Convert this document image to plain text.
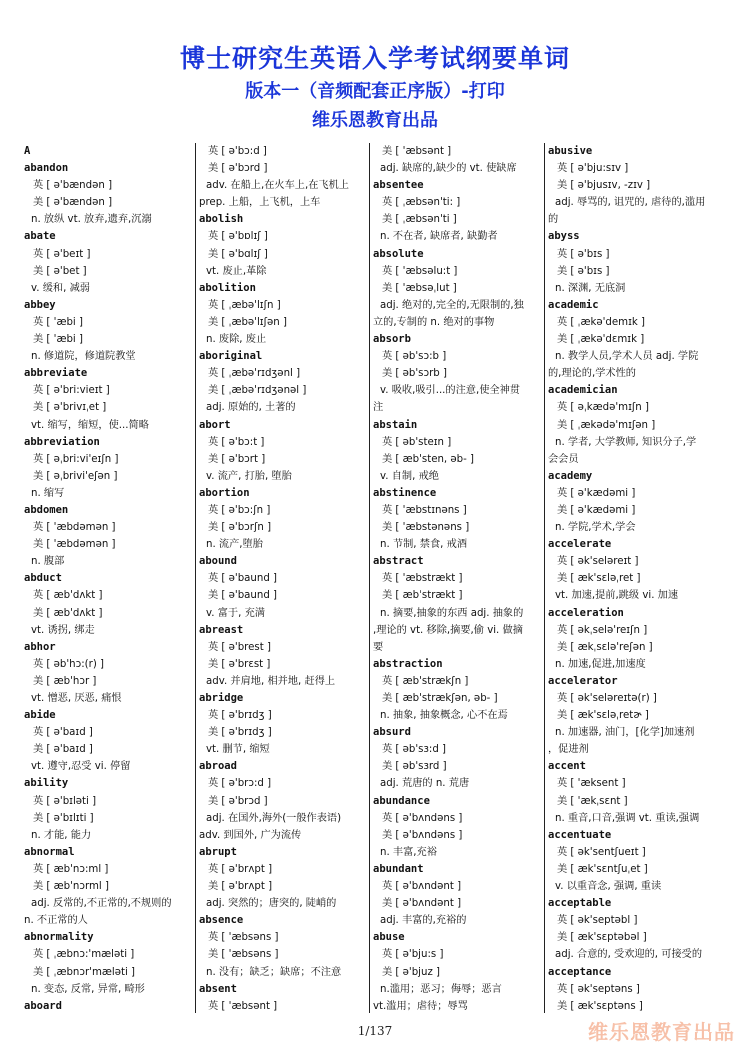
博士研究生英语入学考试纲要单词
版本一（音频配套正序版）-打印
维乐恩教育出品
A
abandon
英 [ ə'bændən ]
美 [ ə'bændən ]
n. 放纵 vt. 放弃,遗弃,沉溺
abate
英 [ ə'beɪt ]
美 [ ə'bet ]
v. 缓和, 减弱
abbey
英 [ 'æbi ]
美 [ 'æbi ]
n. 修道院，修道院教堂
abbreviate
英 [ ə'bri:vieɪt ]
美 [ ə'brivɪˌet ]
vt. 缩写，缩短，使...简略
abbreviation
英 [ əˌbri:vi'eɪʃn ]
美 [ əˌbrivi'eʃən ]
n. 缩写
abdomen
英 [ 'æbdəmən ]
美 [ 'æbdəmən ]
n. 腹部
abduct
英 [ æb'dʌkt ]
美 [ æb'dʌkt ]
vt. 诱拐, 绑走
abhor
英 [ əb'hɔ:(r) ]
美 [ æb'hɔr ]
vt. 憎恶, 厌恶, 痛恨
abide
英 [ ə'baɪd ]
美 [ ə'baɪd ]
vt. 遵守,忍受 vi. 停留
ability
英 [ ə'bɪləti ]
美 [ ə'bɪlɪti ]
n. 才能, 能力
abnormal
英 [ æb'nɔ:ml ]
美 [ æb'nɔrml ]
adj. 反常的,不正常的,不规则的
n. 不正常的人
abnormality
英 [ ˌæbnɔ:'mæləti ]
美 [ ˌæbnɔr'mæləti ]
n. 变态, 反常, 异常, 畸形
aboard
英 [ ə'bɔ:d ]
美 [ ə'bɔrd ]
adv. 在船上,在火车上,在飞机上
prep. 上船，上飞机，上车
abolish
英 [ ə'bɒlɪʃ ]
美 [ ə'bɑlɪʃ ]
vt. 废止,革除
abolition
英 [ ˌæbə'lɪʃn ]
美 [ ˌæbə'lɪʃən ]
n. 废除, 废止
aboriginal
英 [ ˌæbə'rɪdʒənl ]
美 [ ˌæbə'rɪdʒənəl ]
adj. 原始的, 土著的
abort
英 [ ə'bɔ:t ]
美 [ ə'bɔrt ]
v. 流产, 打胎, 堕胎
abortion
英 [ ə'bɔ:ʃn ]
美 [ ə'bɔrʃn ]
n. 流产,堕胎
abound
英 [ ə'baund ]
美 [ ə'baund ]
v. 富于, 充满
abreast
英 [ ə'brest ]
美 [ ə'brɛst ]
adv. 并肩地, 相并地, 赶得上
abridge
英 [ ə'brɪdʒ ]
美 [ ə'brɪdʒ ]
vt. 删节, 缩短
abroad
英 [ ə'brɔ:d ]
美 [ ə'brɔd ]
adj. 在国外,海外(一般作表语)
adv. 到国外, 广为流传
abrupt
英 [ ə'brʌpt ]
美 [ ə'brʌpt ]
adj. 突然的；唐突的, 陡峭的
absence
英 [ 'æbsəns ]
美 [ 'æbsəns ]
n. 没有；缺乏；缺席；不注意
absent
英 [ 'æbsənt ]
美 [ 'æbsənt ]
adj. 缺席的,缺少的 vt. 使缺席
absentee
英 [ ˌæbsən'ti: ]
美 [ ˌæbsən'ti ]
n. 不在者, 缺席者, 缺勤者
absolute
英 [ 'æbsəlu:t ]
美 [ 'æbsəˌlut ]
adj. 绝对的,完全的,无限制的,独
立的,专制的 n. 绝对的事物
absorb
英 [ əb'sɔ:b ]
美 [ əb'sɔrb ]
v. 吸收,吸引...的注意,使全神贯
注
abstain
英 [ əb'steɪn ]
美 [ æb'sten, əb- ]
v. 自制, 戒绝
abstinence
英 [ 'æbstɪnəns ]
美 [ 'æbstənəns ]
n. 节制, 禁食, 戒酒
abstract
英 [ 'æbstrækt ]
美 [ æbˈstrækt ]
n. 摘要,抽象的东西 adj. 抽象的
,理论的 vt. 移除,摘要,偷 vi. 做摘
要
abstraction
英 [ æb'strækʃn ]
美 [ æb'strækʃən, əb- ]
n. 抽象, 抽象概念, 心不在焉
absurd
英 [ əb'sɜ:d ]
美 [ əb'sɜrd ]
adj. 荒唐的 n. 荒唐
abundance
英 [ ə'bʌndəns ]
美 [ ə'bʌndəns ]
n. 丰富,充裕
abundant
英 [ ə'bʌndənt ]
美 [ ə'bʌndənt ]
adj. 丰富的,充裕的
abuse
英 [ ə'bju:s ]
美 [ ə'bjuz ]
n.滥用；恶习；侮辱；恶言
vt.滥用；虐待；辱骂
abusive
英 [ ə'bju:sɪv ]
美 [ ə'bjusɪv, -zɪv ]
adj. 辱骂的, 诅咒的, 虐待的,滥用
的
abyss
英 [ ə'bɪs ]
美 [ ə'bɪs ]
n. 深渊, 无底洞
academic
英 [ ˌækə'demɪk ]
美 [ ˌækə'dɛmɪk ]
n. 教学人员,学术人员 adj. 学院
的,理论的,学术性的
academician
英 [ əˌkædə'mɪʃn ]
美 [ ˌækədə'mɪʃən ]
n. 学者, 大学教师, 知识分子,学
会会员
academy
英 [ ə'kædəmi ]
美 [ ə'kædəmi ]
n. 学院,学术,学会
accelerate
英 [ ək'seləreɪt ]
美 [ æk'sɛləˌret ]
vt. 加速,提前,跳级 vi. 加速
acceleration
英 [ əkˌselə'reɪʃn ]
美 [ ækˌsɛlə'reʃən ]
n. 加速,促进,加速度
accelerator
英 [ ək'seləreɪtə(r) ]
美 [ æk'sɛləˌretɚ ]
n. 加速器, 油门，[化学]加速剂
，促进剂
accent
英 [ 'æksent ]
美 [ 'ækˌsɛnt ]
n. 重音,口音,强调 vt. 重读,强调
accentuate
英 [ ək'sentʃueɪt ]
美 [ æk'sɛntʃuˌet ]
v. 以重音念, 强调, 重读
acceptable
英 [ ək'septəbl ]
美 [ æk'sɛptəbəl ]
adj. 合意的, 受欢迎的, 可接受的
acceptance
英 [ ək'septəns ]
美 [ æk'sɛptəns ]
1/137	维乐恩教育出品
